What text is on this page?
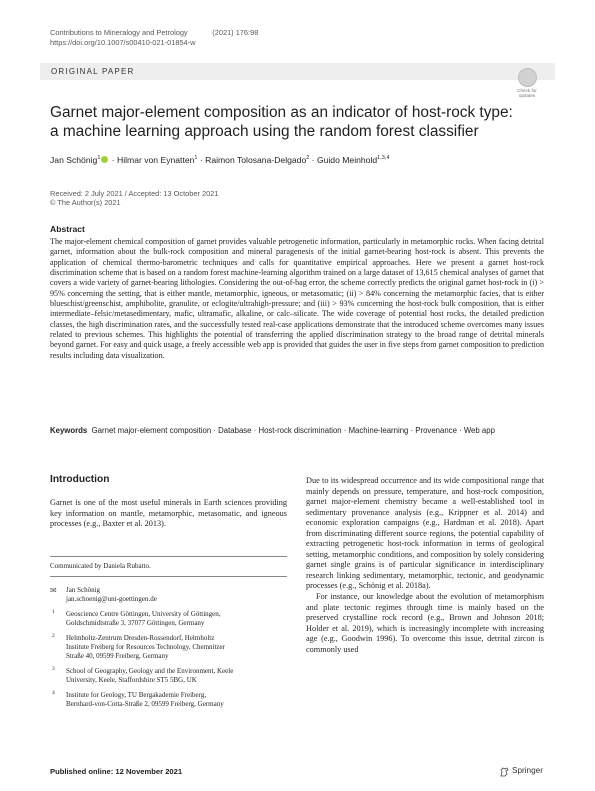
Contributions to Mineralogy and Petrology	(2021) 176:98
https://doi.org/10.1007/s00410-021-01854-w
ORIGINAL PAPER
Check for updates
Garnet major-element composition as an indicator of host-rock type:
a machine learning approach using the random forest classifier
Jan Schönig$^1$ · Hilmar von Eynatten$^1$ · Raimon Tolosana-Delgado$^2$ · Guido Meinhold$^{1,3,4}$
Received: 2 July 2021 / Accepted: 13 October 2021
© The Author(s) 2021
Abstract
The major-element chemical composition of garnet provides valuable petrogenetic information, particularly in metamorphic rocks. When facing detrital garnet, information about the bulk-rock composition and mineral paragenesis of the initial garnet-bearing host-rock is absent. This prevents the application of chemical thermo-barometric techniques and calls for quantitative empirical approaches. Here we present a garnet host-rock discrimination scheme that is based on a random forest machine-learning algorithm trained on a large dataset of 13,615 chemical analyses of garnet that covers a wide variety of garnet-bearing lithologies. Considering the out-of-bag error, the scheme correctly predicts the original garnet host-rock in (i) > 95% concerning the setting, that is either mantle, metamorphic, igneous, or metasomatic; (ii) > 84% concerning the metamorphic facies, that is either blueschist/greenschist, amphibolite, granulite, or eclogite/ultrahigh-pressure; and (iii) > 93% concerning the host-rock bulk composition, that is either intermediate–felsic/metasedimentary, mafic, ultramafic, alkaline, or calc–silicate. The wide coverage of potential host rocks, the detailed prediction classes, the high discrimination rates, and the successfully tested real-case applications demonstrate that the introduced scheme overcomes many issues related to previous schemes. This highlights the potential of transferring the applied discrimination strategy to the broad range of detrital minerals beyond garnet. For easy and quick usage, a freely accessible web app is provided that guides the user in five steps from garnet composition to prediction results including data visualization.
Keywords Garnet major-element composition · Database · Host-rock discrimination · Machine-learning · Provenance · Web app
Introduction
Garnet is one of the most useful minerals in Earth sciences providing key information on mantle, metamorphic, metasomatic, and igneous processes (e.g., Baxter et al. 2013).
Communicated by Daniela Rubatto.
✉ Jan Schönig
jan.schoenig@uni-goettingen.de
1 Geoscience Centre Göttingen, University of Göttingen,
Goldschmidtstraße 3, 37077 Göttingen, Germany
2 Helmholtz-Zentrum Dresden-Rossendorf, Helmholtz
Institute Freiberg for Resources Technology, Chemnitzer
Straße 40, 09599 Freiberg, Germany
3 School of Geography, Geology and the Environment, Keele
University, Keele, Staffordshire ST5 5BG, UK
4 Institute for Geology, TU Bergakademie Freiberg,
Bernhard-von-Cotta-Straße 2, 09599 Freiberg, Germany

Due to its widespread occurrence and its wide compositional range that mainly depends on pressure, temperature, and host-rock composition, garnet major-element chemistry became a well-established tool in sedimentary provenance analysis (e.g., Krippner et al. 2014) and economic exploration campaigns (e.g., Hardman et al. 2018). Apart from discriminating different source regions, the potential capability of extracting petrogenetic host-rock information in terms of geological setting, metamorphic conditions, and composition by solely considering garnet single grains is of particular significance in interdisciplinary research linking sedimentary, metamorphic, tectonic, and geodynamic processes (e.g., Schönig et al. 2018a).

For instance, our knowledge about the evolution of metamorphism and plate tectonic regimes through time is mainly based on the preserved crystalline rock record (e.g., Brown and Johnson 2018; Holder et al. 2019), which is increasingly incomplete with increasing age (e.g., Goodwin 1996). To overcome this issue, detrital zircon is commonly used

Published online: 12 November 2021	Springer
